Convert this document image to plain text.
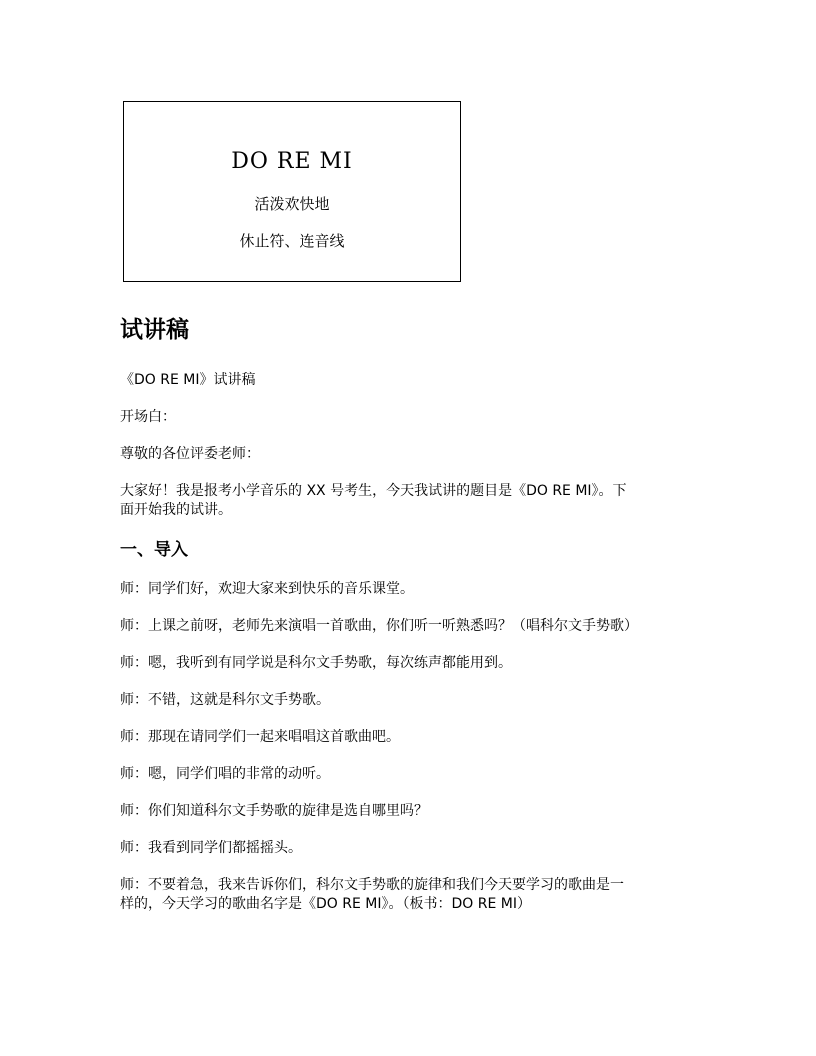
DO RE MI
活泼欢快地
休止符、连音线
试讲稿
《DO RE MI》试讲稿
开场白：
尊敬的各位评委老师：
大家好！我是报考小学音乐的 XX 号考生，今天我试讲的题目是《DO RE MI》。下
面开始我的试讲。
一、导入
师：同学们好，欢迎大家来到快乐的音乐课堂。
师：上课之前呀，老师先来演唱一首歌曲，你们听一听熟悉吗？（唱科尔文手势歌）
师：嗯，我听到有同学说是科尔文手势歌，每次练声都能用到。
师：不错，这就是科尔文手势歌。
师：那现在请同学们一起来唱唱这首歌曲吧。
师：嗯，同学们唱的非常的动听。
师：你们知道科尔文手势歌的旋律是选自哪里吗？
师：我看到同学们都摇摇头。
师：不要着急，我来告诉你们，科尔文手势歌的旋律和我们今天要学习的歌曲是一
样的，今天学习的歌曲名字是《DO RE MI》。（板书：DO RE MI）
